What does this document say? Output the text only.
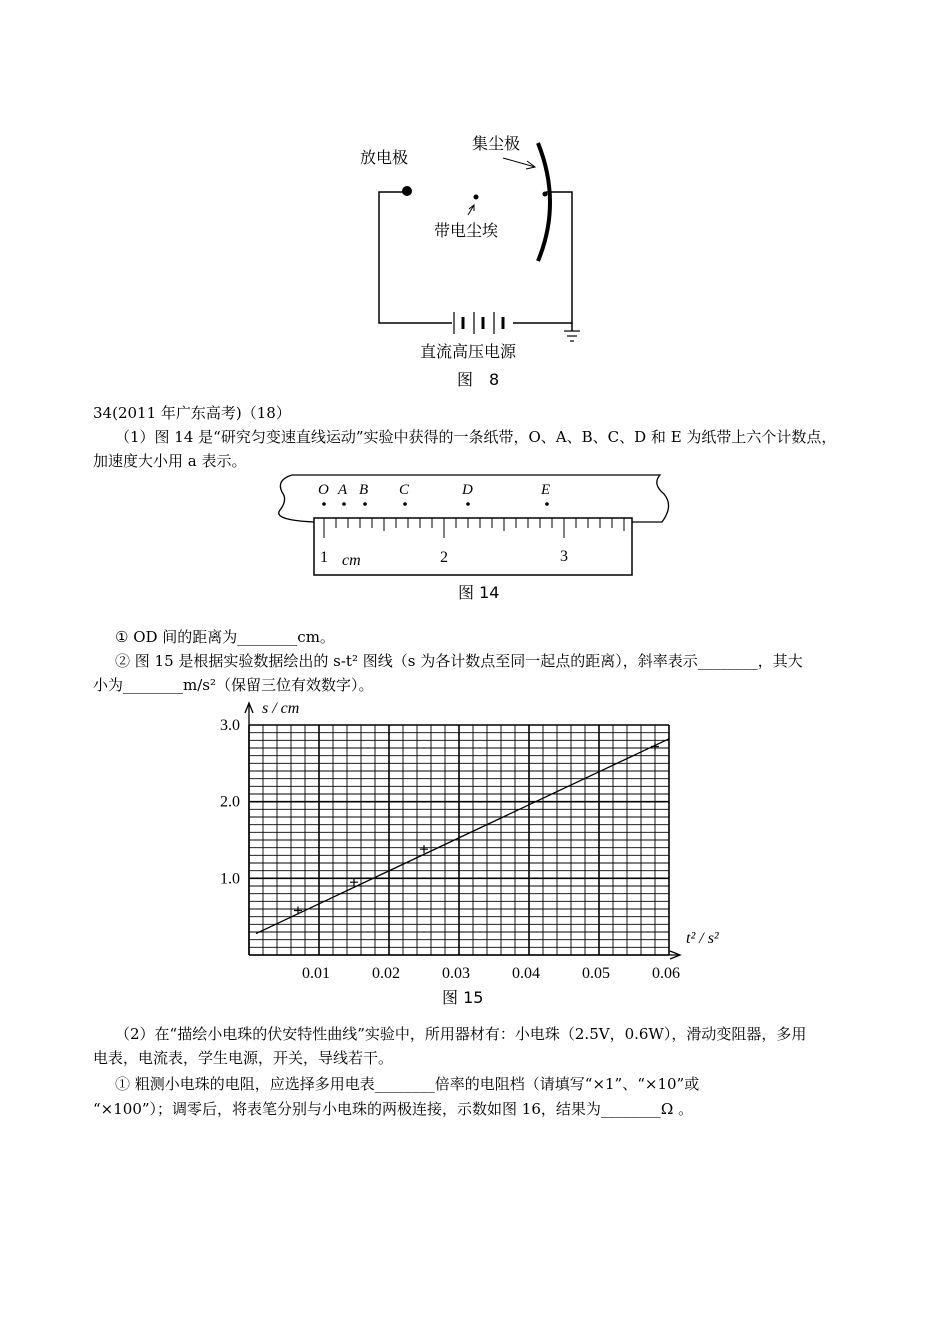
放电极
集尘极
带电尘埃
直流高压电源
图　8
34(2011 年广东高考)（18）
（1）图 14 是“研究匀变速直线运动”实验中获得的一条纸带，O、A、B、C、D 和 E 为纸带上六个计数点，
加速度大小用 a 表示。
O A B C	D	E
1	2	3
cm
图 14
① OD 间的距离为________cm。
② 图 15 是根据实验数据绘出的 s-t² 图线（s 为各计数点至同一起点的距离），斜率表示________，其大
小为________m/s²（保留三位有效数字）。
0.01	0.02	0.03	0.04	0.05	0.06
1.0
2.0
3.0
s / cm
t² / s²
图 15
（2）在“描绘小电珠的伏安特性曲线”实验中，所用器材有：小电珠（2.5V，0.6W），滑动变阻器，多用
电表，电流表，学生电源，开关，导线若干。
① 粗测小电珠的电阻，应选择多用电表________倍率的电阻档（请填写“×1”、“×10”或
“×100”）；调零后，将表笔分别与小电珠的两极连接，示数如图 16，结果为________Ω 。
